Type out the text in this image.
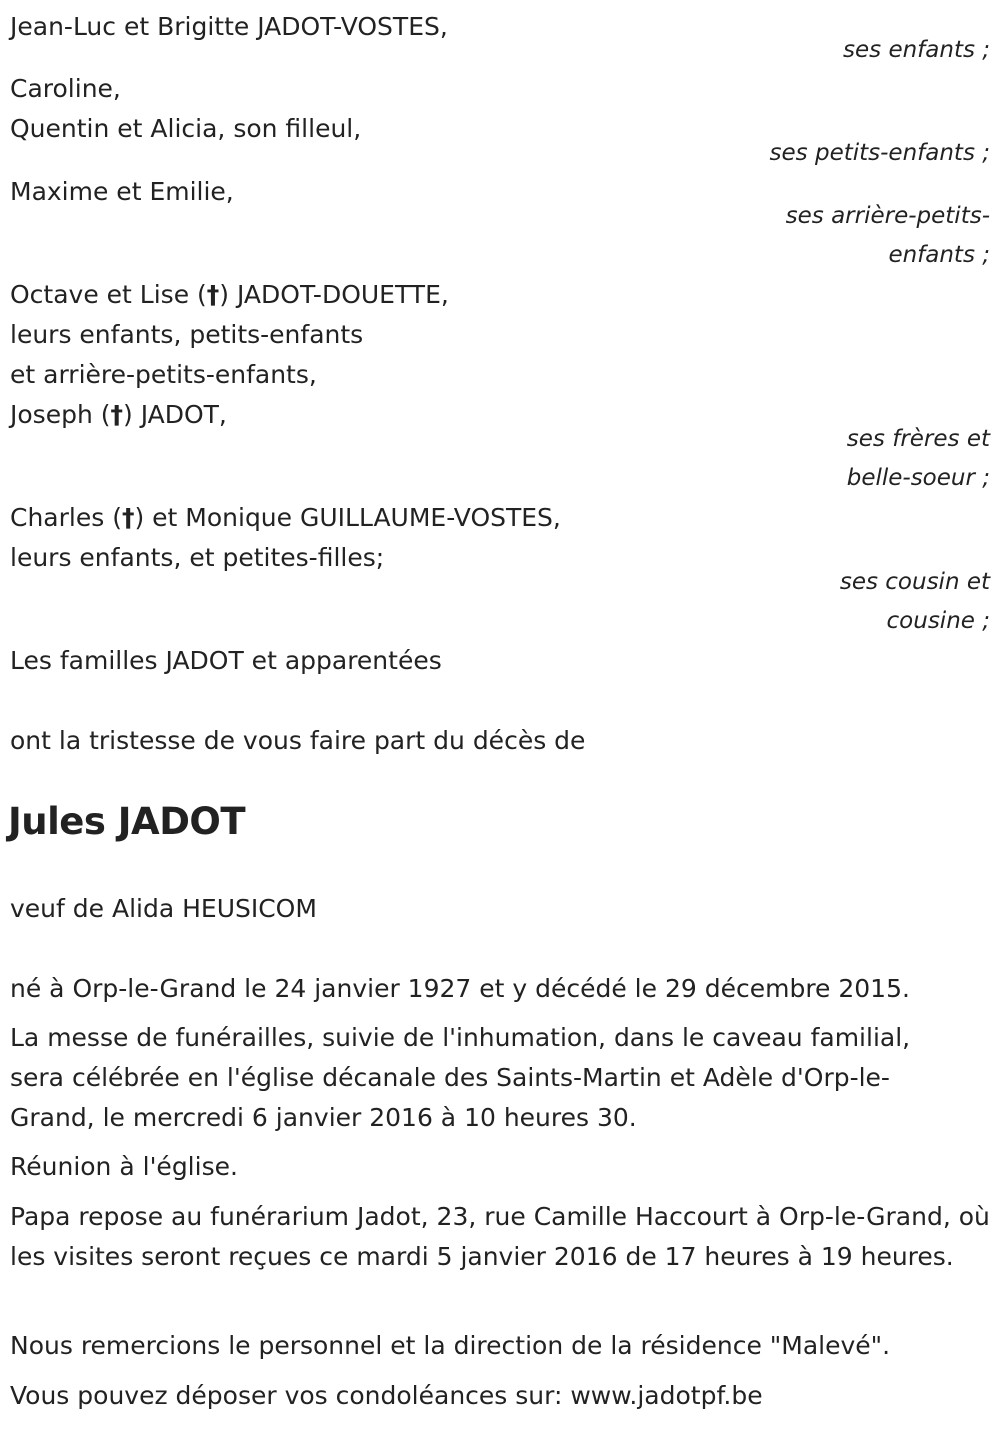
Jean-Luc et Brigitte JADOT-VOSTES,
ses enfants ;
Caroline,
Quentin et Alicia, son filleul,
ses petits-enfants ;
Maxime et Emilie,
ses arrière-petits-
enfants ;
Octave et Lise (†) JADOT-DOUETTE,
leurs enfants, petits-enfants
et arrière-petits-enfants,
Joseph (†) JADOT,
ses frères et
belle-soeur ;
Charles (†) et Monique GUILLAUME-VOSTES,
leurs enfants, et petites-filles;
ses cousin et
cousine ;
Les familles JADOT et apparentées
ont la tristesse de vous faire part du décès de
Jules JADOT
veuf de Alida HEUSICOM
né à Orp-le-Grand le 24 janvier 1927 et y décédé le 29 décembre 2015.
La messe de funérailles, suivie de l'inhumation, dans le caveau familial, sera célébrée en l'église décanale des Saints-Martin et Adèle d'Orp-le-Grand, le mercredi 6 janvier 2016 à 10 heures 30.
Réunion à l'église.
Papa repose au funérarium Jadot, 23, rue Camille Haccourt à Orp-le-Grand, où les visites seront reçues ce mardi 5 janvier 2016 de 17 heures à 19 heures.
Nous remercions le personnel et la direction de la résidence "Malevé".
Vous pouvez déposer vos condoléances sur: www.jadotpf.be
